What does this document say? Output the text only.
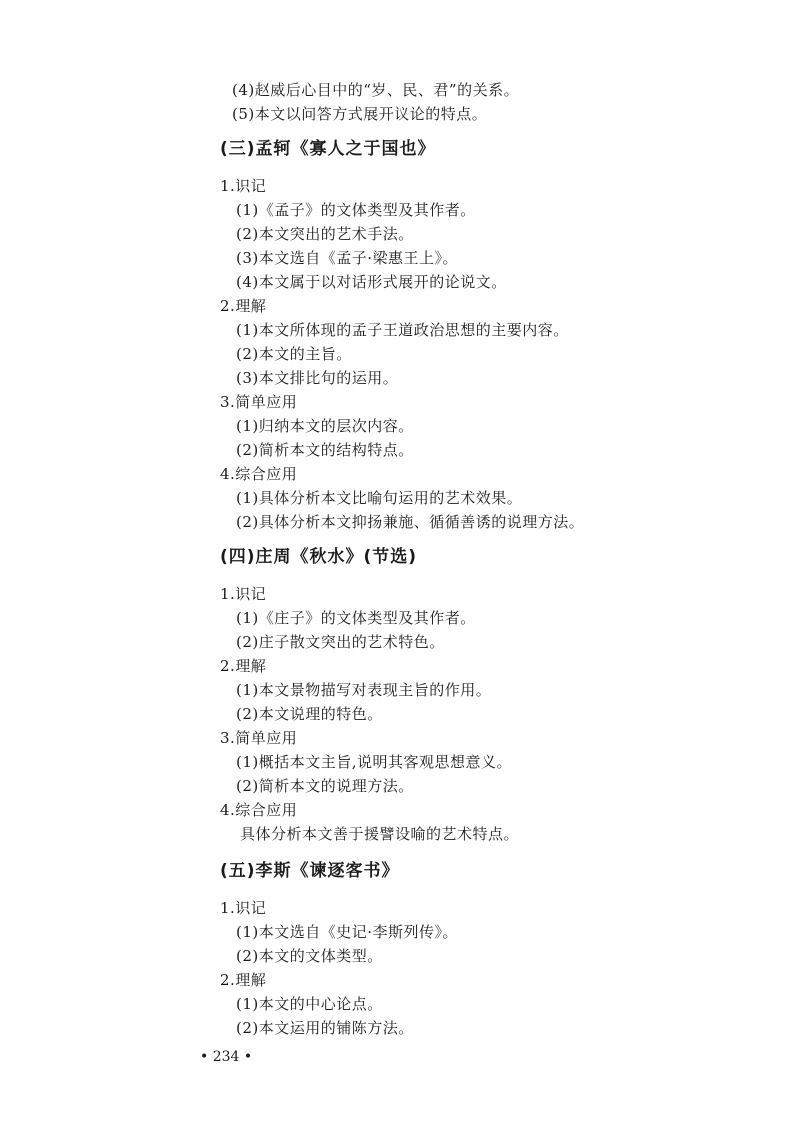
(4)赵威后心目中的“岁、民、君”的关系。
(5)本文以问答方式展开议论的特点。
(三)孟轲《寡人之于国也》
1.识记
(1)《孟子》的文体类型及其作者。
(2)本文突出的艺术手法。
(3)本文选自《孟子·梁惠王上》。
(4)本文属于以对话形式展开的论说文。
2.理解
(1)本文所体现的孟子王道政治思想的主要内容。
(2)本文的主旨。
(3)本文排比句的运用。
3.简单应用
(1)归纳本文的层次内容。
(2)简析本文的结构特点。
4.综合应用
(1)具体分析本文比喻句运用的艺术效果。
(2)具体分析本文抑扬兼施、循循善诱的说理方法。
(四)庄周《秋水》(节选)
1.识记
(1)《庄子》的文体类型及其作者。
(2)庄子散文突出的艺术特色。
2.理解
(1)本文景物描写对表现主旨的作用。
(2)本文说理的特色。
3.简单应用
(1)概括本文主旨,说明其客观思想意义。
(2)简析本文的说理方法。
4.综合应用
具体分析本文善于援譬设喻的艺术特点。
(五)李斯《谏逐客书》
1.识记
(1)本文选自《史记·李斯列传》。
(2)本文的文体类型。
2.理解
(1)本文的中心论点。
(2)本文运用的铺陈方法。
• 234 •
